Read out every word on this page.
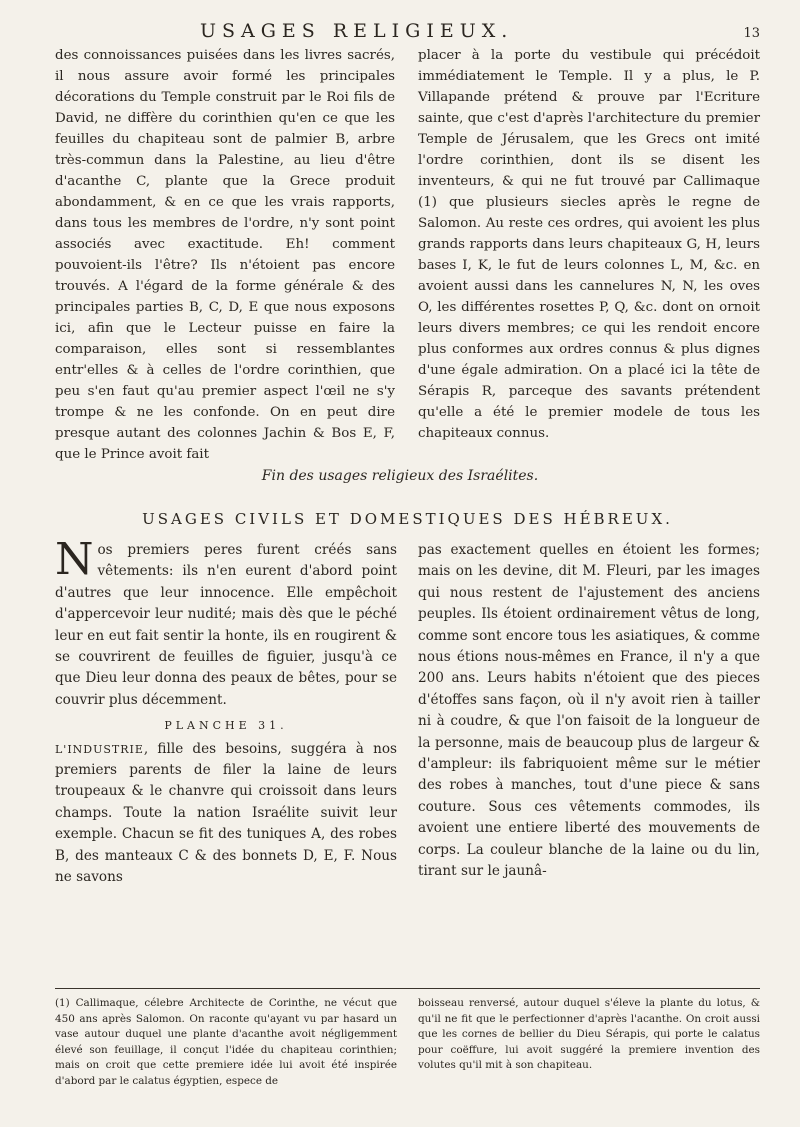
USAGES RELIGIEUX.	13

des connoissances puisées dans les livres sacrés, il nous assure avoir formé les principales décorations du Temple construit par le Roi fils de David, ne diffère du corinthien qu'en ce que les feuilles du chapiteau sont de palmier B, arbre très-commun dans la Palestine, au lieu d'être d'acanthe C, plante que la Grece produit abondamment, & en ce que les vrais rapports, dans tous les membres de l'ordre, n'y sont point associés avec exactitude. Eh! comment pouvoient-ils l'être? Ils n'étoient pas encore trouvés. A l'égard de la forme générale & des principales parties B, C, D, E que nous exposons ici, afin que le Lecteur puisse en faire la comparaison, elles sont si ressemblantes entr'elles & à celles de l'ordre corinthien, que peu s'en faut qu'au premier aspect l'œil ne s'y trompe & ne les confonde. On en peut dire presque autant des colonnes Jachin & Bos E, F, que le Prince avoit fait

placer à la porte du vestibule qui précédoit immédiatement le Temple. Il y a plus, le P. Villapande prétend & prouve par l'Ecriture sainte, que c'est d'après l'architecture du premier Temple de Jérusalem, que les Grecs ont imité l'ordre corinthien, dont ils se disent les inventeurs, & qui ne fut trouvé par Callimaque (1) que plusieurs siecles après le regne de Salomon. Au reste ces ordres, qui avoient les plus grands rapports dans leurs chapiteaux G, H, leurs bases I, K, le fut de leurs colonnes L, M, &c. en avoient aussi dans les cannelures N, N, les oves O, les différentes rosettes P, Q, &c. dont on ornoit leurs divers membres; ce qui les rendoit encore plus conformes aux ordres connus & plus dignes d'une égale admiration. On a placé ici la tête de Sérapis R, parceque des savants prétendent qu'elle a été le premier modele de tous les chapiteaux connus.

Fin des usages religieux des Israélites.
USAGES CIVILS ET DOMESTIQUES DES HÉBREUX.

N os premiers peres furent créés sans vêtements: ils n'en eurent d'abord point d'autres que leur innocence. Elle empêchoit d'appercevoir leur nudité; mais dès que le péché leur en eut fait sentir la honte, ils en rougirent & se couvrirent de feuilles de figuier, jusqu'à ce que Dieu leur donna des peaux de bêtes, pour se couvrir plus décemment.

PLANCHE 31.

L'INDUSTRIE, fille des besoins, suggéra à nos premiers parents de filer la laine de leurs troupeaux & le chanvre qui croissoit dans leurs champs. Toute la nation Israélite suivit leur exemple. Chacun se fit des tuniques A, des robes B, des manteaux C & des bonnets D, E, F. Nous ne savons

pas exactement quelles en étoient les formes; mais on les devine, dit M. Fleuri, par les images qui nous restent de l'ajustement des anciens peuples. Ils étoient ordinairement vêtus de long, comme sont encore tous les asiatiques, & comme nous étions nous-mêmes en France, il n'y a que 200 ans. Leurs habits n'étoient que des pieces d'étoffes sans façon, où il n'y avoit rien à tailler ni à coudre, & que l'on faisoit de la longueur de la personne, mais de beaucoup plus de largeur & d'ampleur: ils fabriquoient même sur le métier des robes à manches, tout d'une piece & sans couture. Sous ces vêtements commodes, ils avoient une entiere liberté des mouvements de corps. La couleur blanche de la laine ou du lin, tirant sur le jaunâ-

(1) Callimaque, célebre Architecte de Corinthe, ne vécut que 450 ans après Salomon. On raconte qu'ayant vu par hasard un vase autour duquel une plante d'acanthe avoit négligemment élevé son feuillage, il conçut l'idée du chapiteau corinthien; mais on croit que cette premiere idée lui avoit été inspirée d'abord par le calatus égyptien, espece de

boisseau renversé, autour duquel s'éleve la plante du lotus, & qu'il ne fit que le perfectionner d'après l'acanthe. On croit aussi que les cornes de bellier du Dieu Sérapis, qui porte le calatus pour coëffure, lui avoit suggéré la premiere invention des volutes qu'il mit à son chapiteau.
